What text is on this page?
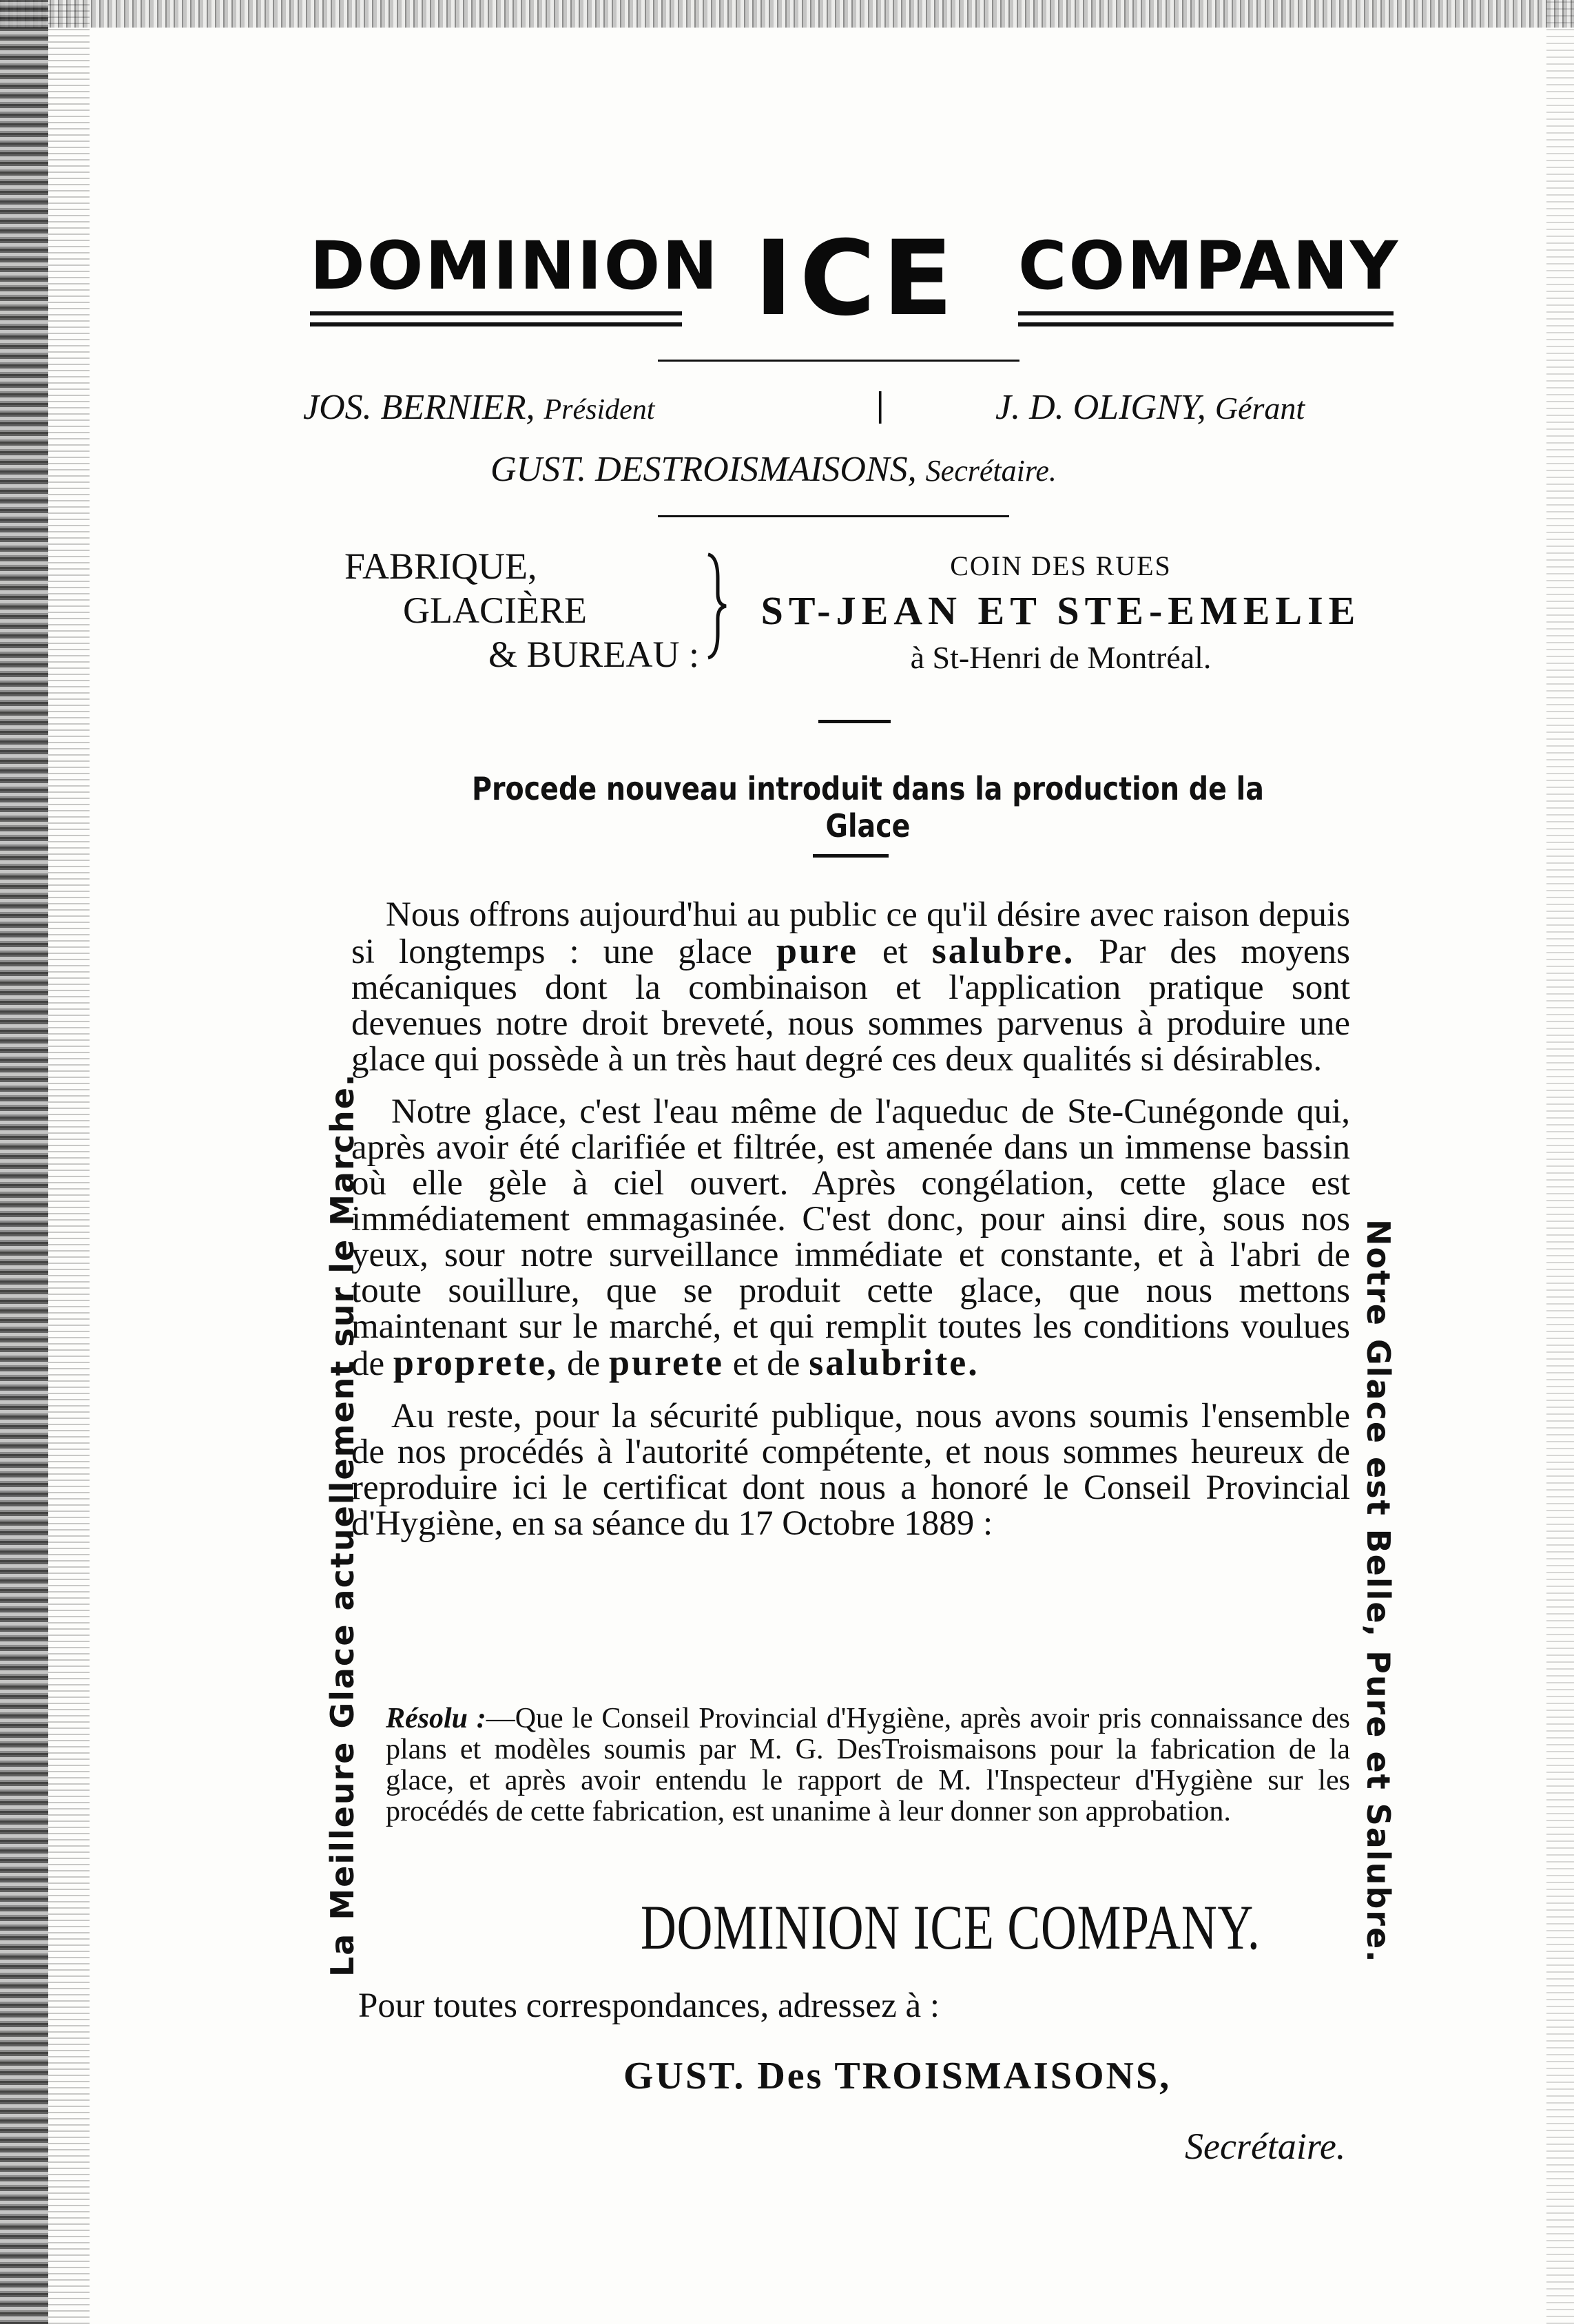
DOMINION ICE COMPANY
JOS. BERNIER, Président	|	J. D. OLIGNY, Gérant
GUST. DESTROISMAISONS, Secrétaire.
FABRIQUE,
GLACIÈRE
& BUREAU :
COIN DES RUES
ST-JEAN ET STE-EMELIE
à St-Henri de Montréal.
Procede nouveau introduit dans la production de la Glace

Nous offrons aujourd'hui au public ce qu'il désire avec raison depuis si longtemps : une glace pure et salubre. Par des moyens mécaniques dont la combinaison et l'application pratique sont devenues notre droit breveté, nous sommes parvenus à produire une glace qui possède à un très haut degré ces deux qualités si désirables.

Notre glace, c'est l'eau même de l'aqueduc de Ste-Cunégonde qui, après avoir été clarifiée et filtrée, est amenée dans un immense bassin où elle gèle à ciel ouvert. Après congélation, cette glace est immédiatement emmagasinée. C'est donc, pour ainsi dire, sous nos yeux, sour notre surveillance immédiate et constante, et à l'abri de toute souillure, que se produit cette glace, que nous mettons maintenant sur le marché, et qui remplit toutes les conditions voulues de proprete, de purete et de salubrite.

Au reste, pour la sécurité publique, nous avons soumis l'ensemble de nos procédés à l'autorité compétente, et nous sommes heureux de reproduire ici le certificat dont nous a honoré le Conseil Provincial d'Hygiène, en sa séance du 17 Octobre 1889 :

Résolu :—Que le Conseil Provincial d'Hygiène, après avoir pris connaissance des plans et modèles soumis par M. G. DesTroismaisons pour la fabrication de la glace, et après avoir entendu le rapport de M. l'Inspecteur d'Hygiène sur les procédés de cette fabrication, est unanime à leur donner son approbation.
DOMINION ICE COMPANY.
Pour toutes correspondances, adressez à :
GUST. Des TROISMAISONS,
Secrétaire.
La Meilleure Glace actuellement sur le Marche.	Notre Glace est Belle, Pure et Salubre.
